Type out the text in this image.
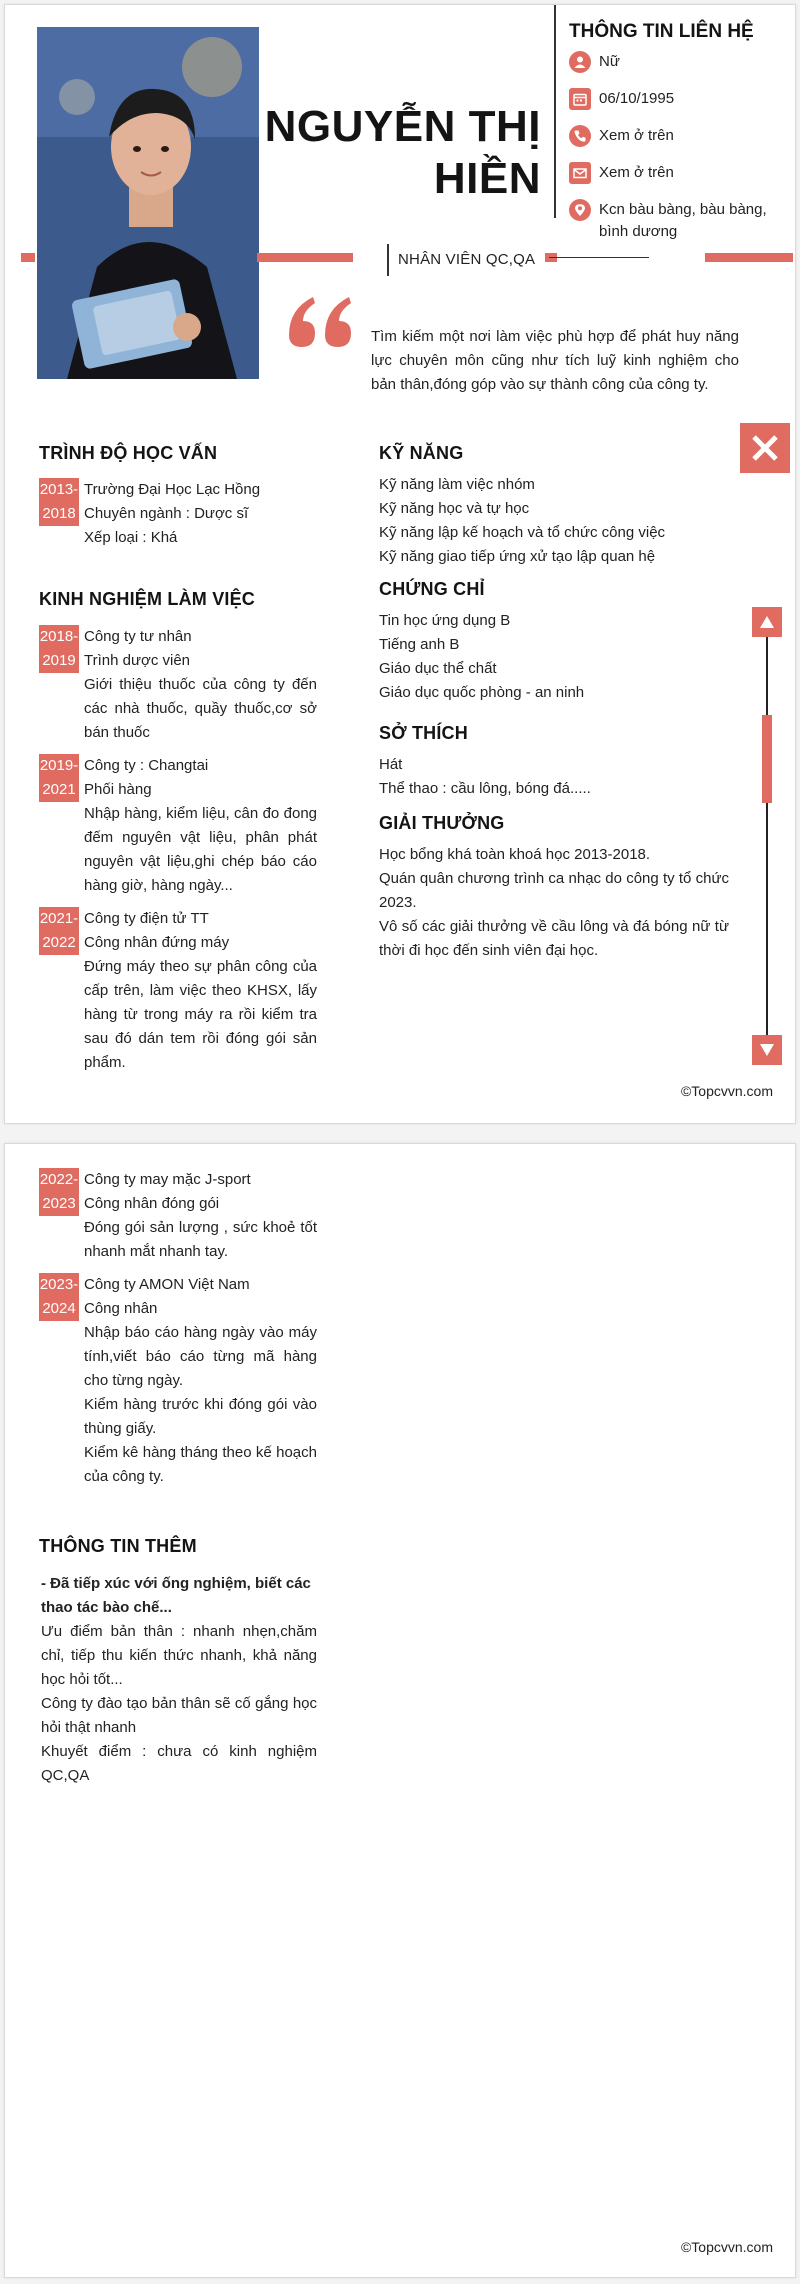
NGUYỄN THỊ
HIỀN
THÔNG TIN LIÊN HỆ
Nữ
06/10/1995
Xem ở trên
Xem ở trên
Kcn bàu bàng, bàu bàng, bình dương
NHÂN VIÊN QC,QA
Tìm kiếm một nơi làm việc phù hợp để phát huy năng lực chuyên môn cũng như tích luỹ kinh nghiệm cho bản thân,đóng góp vào sự thành công của công ty.
TRÌNH ĐỘ HỌC VẤN
2013-
2018
Trường Đại Học Lạc Hồng
Chuyên ngành : Dược sĩ
Xếp loại : Khá
KINH NGHIỆM LÀM VIỆC
2018-
2019
Công ty tư nhân
Trình dược viên
Giới thiệu thuốc của công ty đến các nhà thuốc, quầy thuốc,cơ sở bán thuốc
2019-
2021
Công ty : Changtai
Phối hàng
Nhập hàng, kiểm liệu, cân đo đong đếm nguyên vật liệu, phân phát nguyên vật liệu,ghi chép báo cáo hàng giờ, hàng ngày...
2021-
2022
Công ty điện tử TT
Công nhân đứng máy
Đứng máy theo sự phân công của cấp trên, làm việc theo KHSX, lấy hàng từ trong máy ra rồi kiểm tra sau đó dán tem rồi đóng gói sản phẩm.
KỸ NĂNG
Kỹ năng làm việc nhóm
Kỹ năng học và tự học
Kỹ năng lập kế hoạch và tổ chức công việc
Kỹ năng giao tiếp ứng xử tạo lập quan hệ
CHỨNG CHỈ
Tin học ứng dụng B
Tiếng anh B
Giáo dục thể chất
Giáo dục quốc phòng - an ninh
SỞ THÍCH
Hát
Thể thao : cầu lông, bóng đá.....
GIẢI THƯỞNG
Học bổng khá toàn khoá học 2013-2018.
Quán quân chương trình ca nhạc do công ty tổ chức 2023.
Vô số các giải thưởng về cầu lông và đá bóng nữ từ thời đi học đến sinh viên đại học.
©Topcvvn.com
2022-
2023
Công ty may mặc J-sport
Công nhân đóng gói
Đóng gói sản lượng , sức khoẻ tốt nhanh mắt nhanh tay.
2023-
2024
Công ty AMON Việt Nam
Công nhân
Nhập báo cáo hàng ngày vào máy tính,viết báo cáo từng mã hàng cho từng ngày.
Kiểm hàng trước khi đóng gói vào thùng giấy.
Kiểm kê hàng tháng theo kế hoạch của công ty.
THÔNG TIN THÊM
- Đã tiếp xúc với ống nghiệm, biết các thao tác bào chế...
Ưu điểm bản thân : nhanh nhẹn,chăm chỉ, tiếp thu kiến thức nhanh, khả năng học hỏi tốt...
Công ty đào tạo bản thân sẽ cố gắng học hỏi thật nhanh
Khuyết điểm : chưa có kinh nghiệm QC,QA
©Topcvvn.com
